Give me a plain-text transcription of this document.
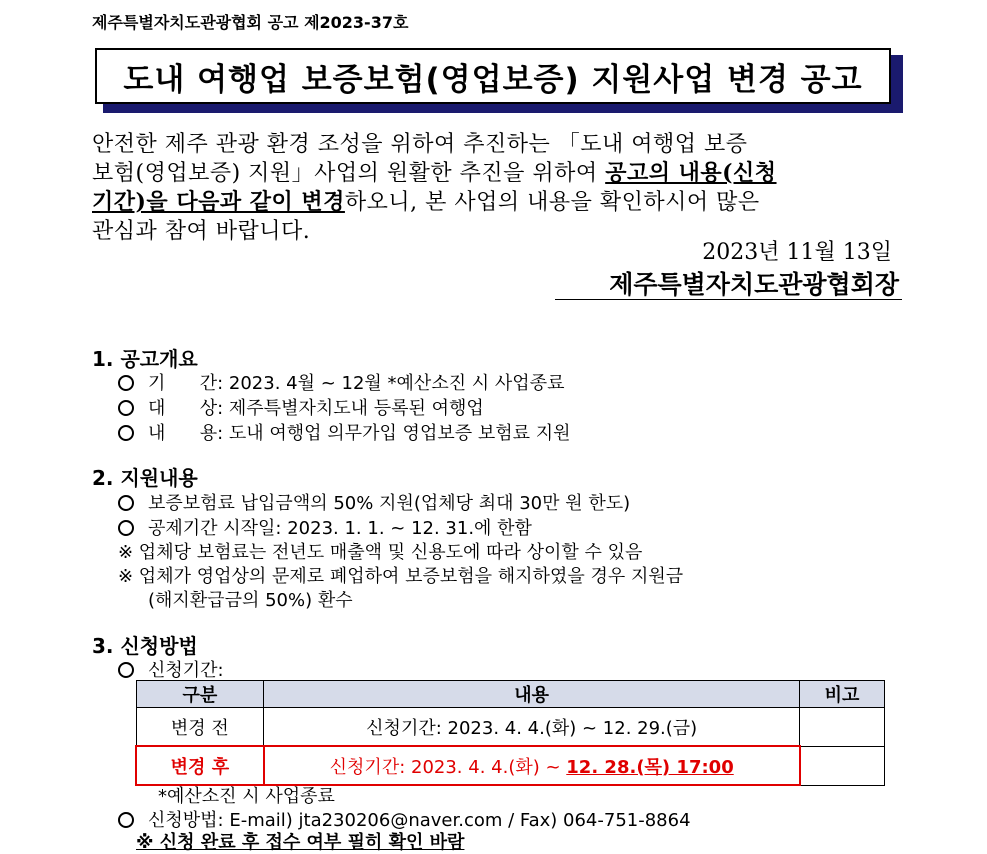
제주특별자치도관광협회 공고 제2023-37호
도내 여행업 보증보험(영업보증) 지원사업 변경 공고
안전한 제주 관광 환경 조성을 위하여 추진하는 「도내 여행업 보증
보험(영업보증) 지원」사업의 원활한 추진을 위하여 공고의 내용(신청
기간)을 다음과 같이 변경하오니, 본 사업의 내용을 확인하시어 많은
관심과 참여 바랍니다.
2023년 11월 13일
제주특별자치도관광협회장
1. 공고개요
기      간: 2023. 4월 ~ 12월 *예산소진 시 사업종료
대      상: 제주특별자치도내 등록된 여행업
내      용: 도내 여행업 의무가입 영업보증 보험료 지원
2. 지원내용
보증보험료 납입금액의 50% 지원(업체당 최대 30만 원 한도)
공제기간 시작일: 2023. 1. 1. ~ 12. 31.에 한함
※ 업체당 보험료는 전년도 매출액 및 신용도에 따라 상이할 수 있음
※ 업체가 영업상의 문제로 폐업하여 보증보험을 해지하였을 경우 지원금
(해지환급금의 50%) 환수
3. 신청방법
신청기간:
구분	내용	비고
변경 전	신청기간: 2023. 4. 4.(화) ~ 12. 29.(금)	
변경 후	신청기간: 2023. 4. 4.(화) ~ 12. 28.(목) 17:00	
*예산소진 시 사업종료
신청방법: E-mail) jta230206@naver.com / Fax) 064-751-8864
※ 신청 완료 후 접수 여부 필히 확인 바람
